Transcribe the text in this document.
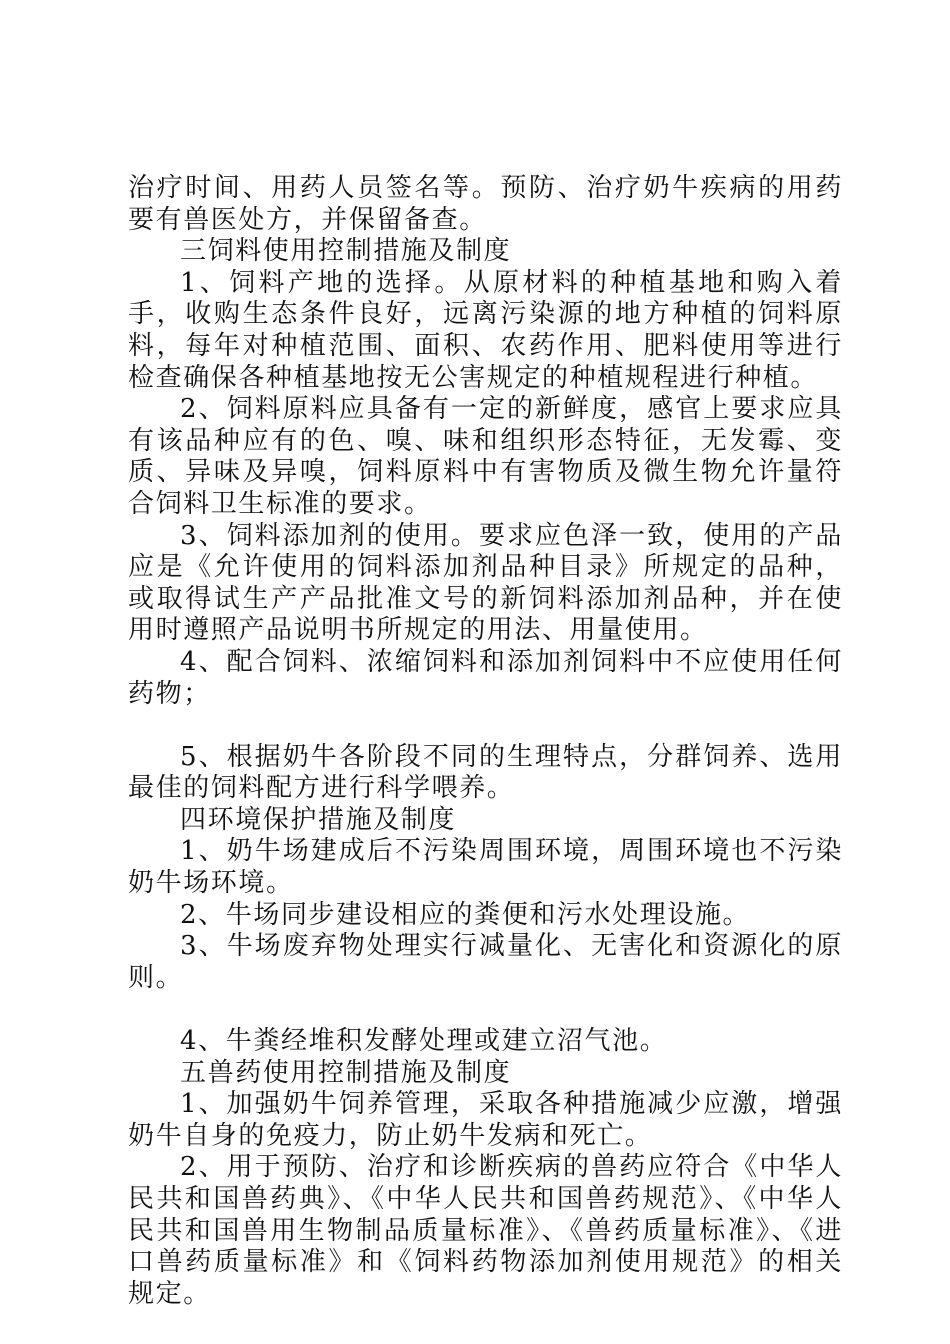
治疗时间、用药人员签名等。预防、治疗奶牛疾病的用药要有兽医处方，并保留备查。

三饲料使用控制措施及制度

1、饲料产地的选择。从原材料的种植基地和购入着手，收购生态条件良好，远离污染源的地方种植的饲料原料，每年对种植范围、面积、农药作用、肥料使用等进行检查确保各种植基地按无公害规定的种植规程进行种植。

2、饲料原料应具备有一定的新鲜度，感官上要求应具有该品种应有的色、嗅、味和组织形态特征，无发霉、变质、异味及异嗅，饲料原料中有害物质及微生物允许量符合饲料卫生标准的要求。

3、饲料添加剂的使用。要求应色泽一致，使用的产品应是《允许使用的饲料添加剂品种目录》所规定的品种，或取得试生产产品批准文号的新饲料添加剂品种，并在使用时遵照产品说明书所规定的用法、用量使用。

4、配合饲料、浓缩饲料和添加剂饲料中不应使用任何药物；

5、根据奶牛各阶段不同的生理特点，分群饲养、选用最佳的饲料配方进行科学喂养。

四环境保护措施及制度

1、奶牛场建成后不污染周围环境，周围环境也不污染奶牛场环境。

2、牛场同步建设相应的粪便和污水处理设施。

3、牛场废弃物处理实行减量化、无害化和资源化的原则。

4、牛粪经堆积发酵处理或建立沼气池。

五兽药使用控制措施及制度

1、加强奶牛饲养管理，采取各种措施减少应激，增强奶牛自身的免疫力，防止奶牛发病和死亡。

2、用于预防、治疗和诊断疾病的兽药应符合《中华人民共和国兽药典》、《中华人民共和国兽药规范》、《中华人民共和国兽用生物制品质量标准》、《兽药质量标准》、《进口兽药质量标准》和《饲料药物添加剂使用规范》的相关规定。
